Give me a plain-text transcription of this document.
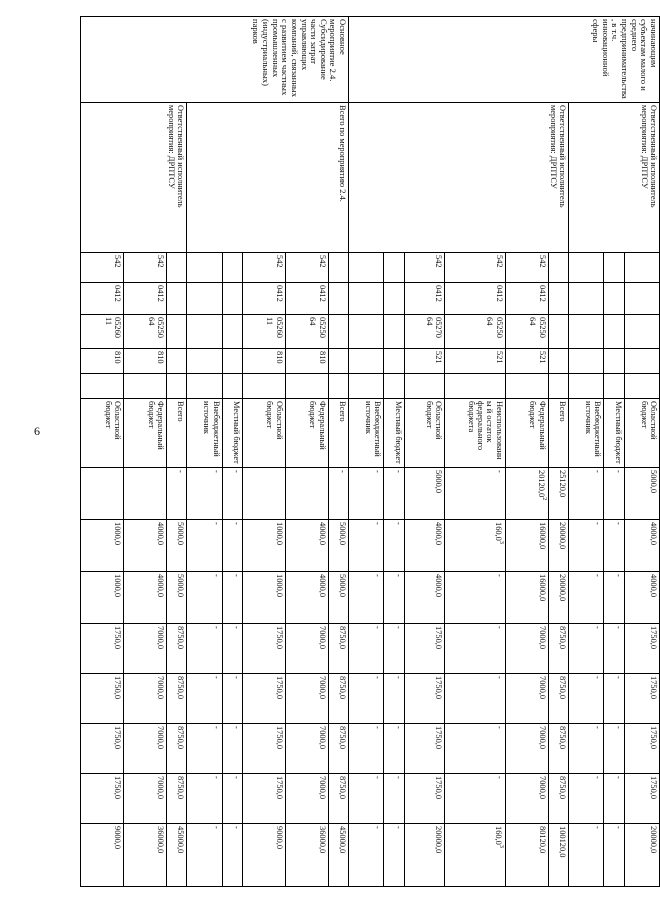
6
начинающим субъектам малого и среднего предпринимательства, в т.ч. инновационной сферы	Ответственный исполнитель мероприятия: ДРПТСУ						Областной бюджет	5000,0	4000,0	4000,0	1750,0	1750,0	1750,0	1750,0	20000,0
							Местный бюджет	-	-	-	-	-	-	-	-
							Внебюджетный источник	-	-	-	-	-	-	-	-
	Ответственный исполнитель мероприятия: ДРПТСУ						Всего	25120,0	20000,0	20000,0	8750,0	8750,0	8750,0	8750,0	100120,0
		542	0412	05250 64	521		Федеральный бюджет	20120,0$^2$	16000,0	16000,0	7000,0	7000,0	7000,0	7000,0	80120,0
		542	0412	05250 64	521		Неиспользованны й остаток федерального бюджета	-	160,0$^3$	-	-	-	-	-	160,0$^3$
		542	0412	05270 64	521		Областной бюджет	5000,0	4000,0	4000,0	1750,0	1750,0	1750,0	1750,0	20000,0
							Местный бюджет	-	-	-	-	-	-	-	-
							Внебюджетный источник	-	-	-	-	-	-	-	-
Основное мероприятие 2.4. Субсидирование части затрат управляющих компаний, связанных с развитием частных промышленных (индустриальных) парков	Всего по мероприятию 2.4.						Всего	-	5000,0	5000,0	8750,0	8750,0	8750,0	8750,0	45000,0
		542	0412	05250 64	810		Федеральный бюджет		4000,0	4000,0	7000,0	7000,0	7000,0	7000,0	36000,0
		542	0412	05260 11	810		Областной бюджет		1000,0	1000,0	1750,0	1750,0	1750,0	1750,0	9000,0
							Местный бюджет	-	-	-	-	-	-	-	-
							Внебюджетный источник	-	-	-	-	-	-	-	-
	Ответственный исполнитель мероприятия: ДРПТСУ						Всего	-	5000,0	5000,0	8750,0	8750,0	8750,0	8750,0	45000,0
		542	0412	05250 64	810		Федеральный бюджет		4000,0	4000,0	7000,0	7000,0	7000,0	7000,0	36000,0
		542	0412	05260 11	810		Областной бюджет		1000,0	1000,0	1750,0	1750,0	1750,0	1750,0	9000,0
